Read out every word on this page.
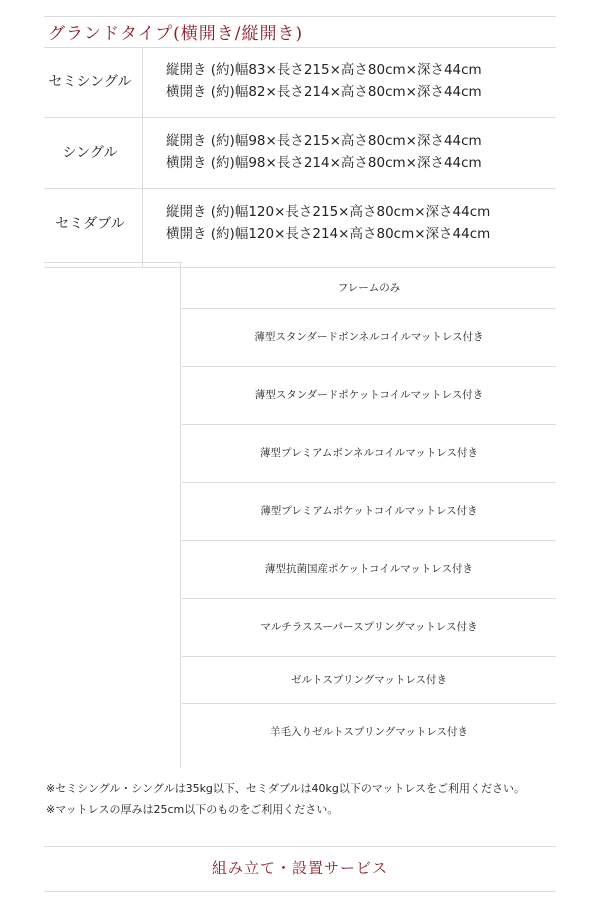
グランドタイプ(横開き/縦開き)
セミシングル
縦開き (約)幅83×長さ215×高さ80cm×深さ44cm
横開き (約)幅82×長さ214×高さ80cm×深さ44cm
シングル
縦開き (約)幅98×長さ215×高さ80cm×深さ44cm
横開き (約)幅98×長さ214×高さ80cm×深さ44cm
セミダブル
縦開き (約)幅120×長さ215×高さ80cm×深さ44cm
横開き (約)幅120×長さ214×高さ80cm×深さ44cm
フレームのみ
薄型スタンダードボンネルコイルマットレス付き
薄型スタンダードポケットコイルマットレス付き
薄型プレミアムボンネルコイルマットレス付き
薄型プレミアムポケットコイルマットレス付き
薄型抗菌国産ポケットコイルマットレス付き
マルチラススーパースプリングマットレス付き
ゼルトスプリングマットレス付き
羊毛入りゼルトスプリングマットレス付き
※セミシングル・シングルは35kg以下、セミダブルは40kg以下のマットレスをご利用ください。
※マットレスの厚みは25cm以下のものをご利用ください。
組み立て・設置サービス
